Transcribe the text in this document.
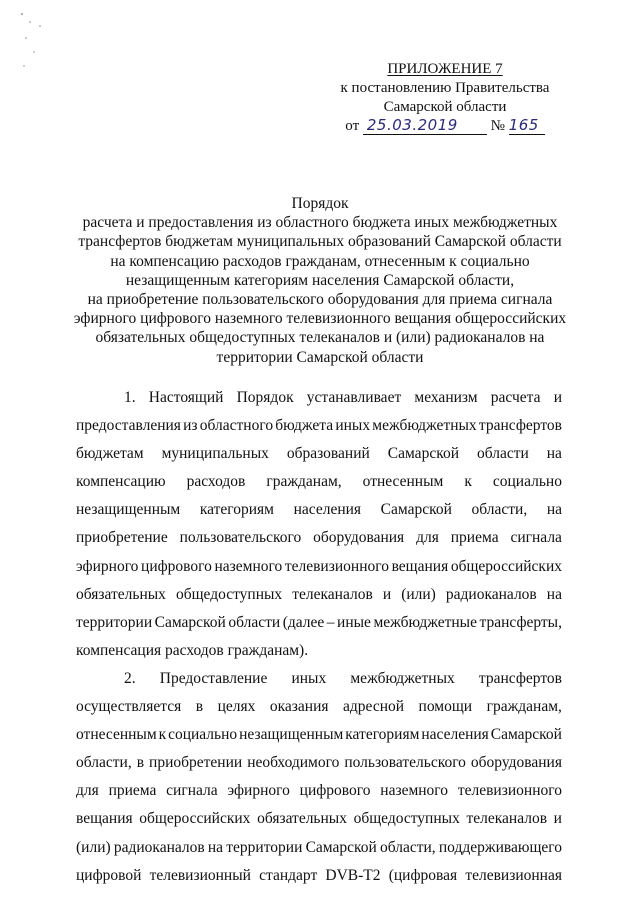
ПРИЛОЖЕНИЕ 7
к постановлению Правительства
Самарской области
от 25.03.2019 № 165
Порядок
расчета и предоставления из областного бюджета иных межбюджетных
трансфертов бюджетам муниципальных образований Самарской области
на компенсацию расходов гражданам, отнесенным к социально
незащищенным категориям населения Самарской области,
на приобретение пользовательского оборудования для приема сигнала
эфирного цифрового наземного телевизионного вещания общероссийских
обязательных общедоступных телеканалов и (или) радиоканалов на
территории Самарской области
1. Настоящий Порядок устанавливает механизм расчета и
предоставления из областного бюджета иных межбюджетных трансфертов
бюджетам муниципальных образований Самарской области на
компенсацию расходов гражданам, отнесенным к социально
незащищенным категориям населения Самарской области, на
приобретение пользовательского оборудования для приема сигнала
эфирного цифрового наземного телевизионного вещания общероссийских
обязательных общедоступных телеканалов и (или) радиоканалов на
территории Самарской области (далее – иные межбюджетные трансферты,
компенсация расходов гражданам).
2. Предоставление иных межбюджетных трансфертов
осуществляется в целях оказания адресной помощи гражданам,
отнесенным к социально незащищенным категориям населения Самарской
области, в приобретении необходимого пользовательского оборудования
для приема сигнала эфирного цифрового наземного телевизионного
вещания общероссийских обязательных общедоступных телеканалов и
(или) радиоканалов на территории Самарской области, поддерживающего
цифровой телевизионный стандарт DVB-T2 (цифровая телевизионная
